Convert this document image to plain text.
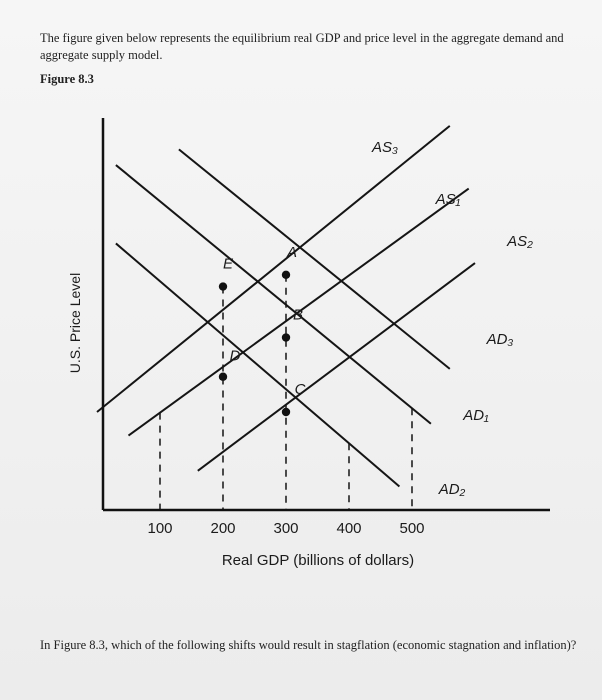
The figure given below represents the equilibrium real GDP and price level in the aggregate demand and aggregate supply model.
Figure 8.3
AS₃
AS₁
AS₂
AD₃
AD₁
AD₂
A
B
C
D
E
100	200	300	400	500
Real GDP (billions of dollars)
U.S. Price Level
In Figure 8.3, which of the following shifts would result in stagflation (economic stagnation and inflation)?
